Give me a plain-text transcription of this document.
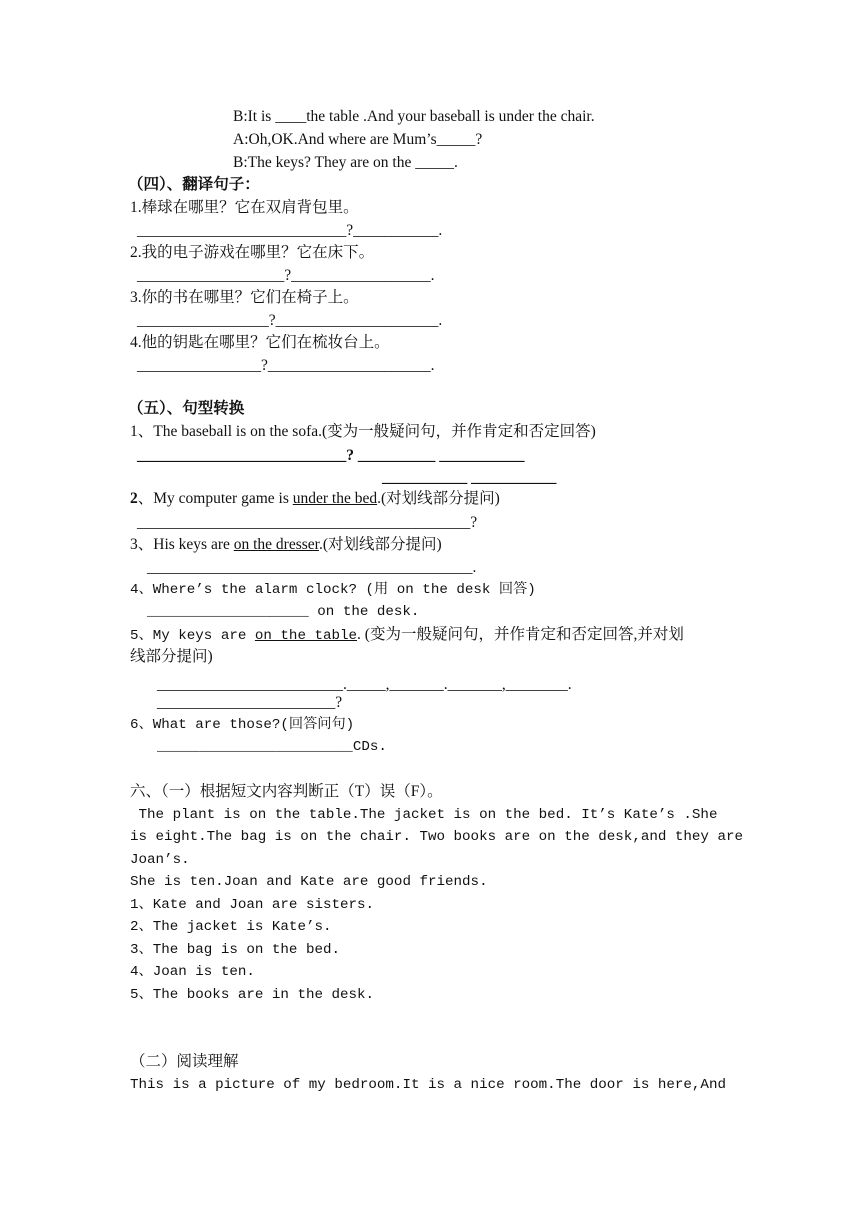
B:It is ____the table .And your baseball is under the chair.
A:Oh,OK.And where are Mum’s_____?
B:The keys? They are on the _____.
（四）、翻译句子：
1.棒球在哪里？它在双肩背包里。
___________________________?___________.
2.我的电子游戏在哪里？它在床下。
___________________?__________________.
3.你的书在哪里？它们在椅子上。
_________________?_____________________.
4.他的钥匙在哪里？它们在梳妆台上。
________________?_____________________.
（五）、句型转换
1、The baseball is on the sofa.(变为一般疑问句，并作肯定和否定回答)
___________________________? __________ ___________
___________ ___________
2、My computer game is under the bed.(对划线部分提问)
___________________________________________?
3、His keys are on the dresser.(对划线部分提问)
__________________________________________.
4、Where’s the alarm clock? (用 on the desk 回答)
___________________ on the desk.
5、My keys are on the table. (变为一般疑问句，并作肯定和否定回答,并对划
线部分提问)
________________________._____,_______._______,________.
_______________________?
6、What are those?(回答问句)
_______________________CDs.
六、（一）根据短文内容判断正（T）误（F）。
The plant is on the table.The jacket is on the bed. It’s Kate’s .She
is eight.The bag is on the chair. Two books are on the desk,and they are
Joan’s.
She is ten.Joan and Kate are good friends.
1、Kate and Joan are sisters.
2、The jacket is Kate’s.
3、The bag is on the bed.
4、Joan is ten.
5、The books are in the desk.
（二）阅读理解
This is a picture of my bedroom.It is a nice room.The door is here,And
